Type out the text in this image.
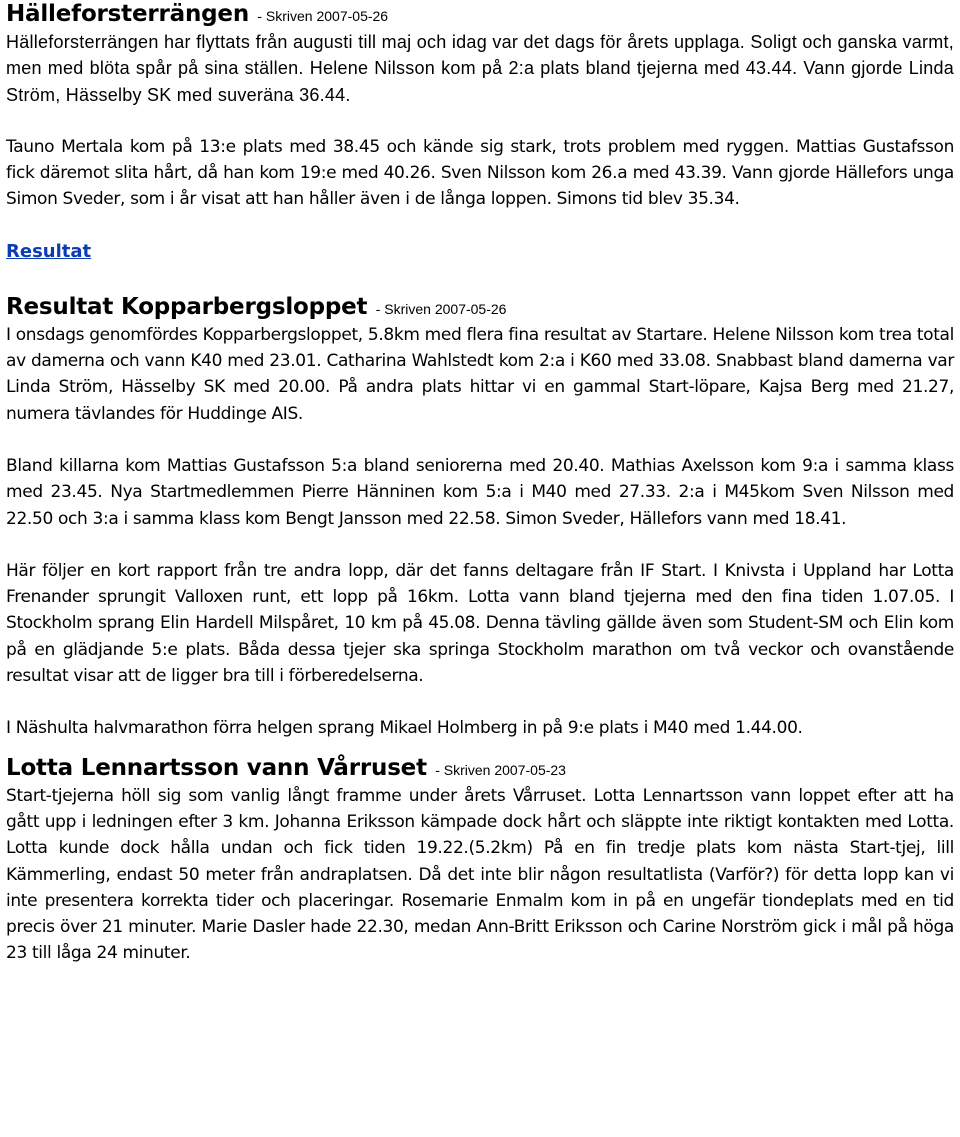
Hälleforsterrängen - Skriven 2007-05-26

Hälleforsterrängen har flyttats från augusti till maj och idag var det dags för årets upplaga. Soligt och ganska varmt, men med blöta spår på sina ställen. Helene Nilsson kom på 2:a plats bland tjejerna med 43.44. Vann gjorde Linda Ström, Hässelby SK med suveräna 36.44.

Tauno Mertala kom på 13:e plats med 38.45 och kände sig stark, trots problem med ryggen. Mattias Gustafsson fick däremot slita hårt, då han kom 19:e med 40.26. Sven Nilsson kom 26.a med 43.39. Vann gjorde Hällefors unga Simon Sveder, som i år visat att han håller även i de långa loppen. Simons tid blev 35.34.

Resultat
Resultat Kopparbergsloppet - Skriven 2007-05-26

I onsdags genomfördes Kopparbergsloppet, 5.8km med flera fina resultat av Startare. Helene Nilsson kom trea total av damerna och vann K40 med 23.01. Catharina Wahlstedt kom 2:a i K60 med 33.08. Snabbast bland damerna var Linda Ström, Hässelby SK med 20.00. På andra plats hittar vi en gammal Start-löpare, Kajsa Berg med 21.27, numera tävlandes för Huddinge AIS.

Bland killarna kom Mattias Gustafsson 5:a bland seniorerna med 20.40. Mathias Axelsson kom 9:a i samma klass med 23.45. Nya Startmedlemmen Pierre Hänninen kom 5:a i M40 med 27.33. 2:a i M45kom Sven Nilsson med 22.50 och 3:a i samma klass kom Bengt Jansson med 22.58. Simon Sveder, Hällefors vann med 18.41.

Här följer en kort rapport från tre andra lopp, där det fanns deltagare från IF Start. I Knivsta i Uppland har Lotta Frenander sprungit Valloxen runt, ett lopp på 16km. Lotta vann bland tjejerna med den fina tiden 1.07.05. I Stockholm sprang Elin Hardell Milspåret, 10 km på 45.08. Denna tävling gällde även som Student-SM och Elin kom på en glädjande 5:e plats. Båda dessa tjejer ska springa Stockholm marathon om två veckor och ovanstående resultat visar att de ligger bra till i förberedelserna.

I Näshulta halvmarathon förra helgen sprang Mikael Holmberg in på 9:e plats i M40 med 1.44.00.

Lotta Lennartsson vann Vårruset - Skriven 2007-05-23

Start-tjejerna höll sig som vanlig långt framme under årets Vårruset. Lotta Lennartsson vann loppet efter att ha gått upp i ledningen efter 3 km. Johanna Eriksson kämpade dock hårt och släppte inte riktigt kontakten med Lotta. Lotta kunde dock hålla undan och fick tiden 19.22.(5.2km) På en fin tredje plats kom nästa Start-tjej, lill Kämmerling, endast 50 meter från andraplatsen. Då det inte blir någon resultatlista (Varför?) för detta lopp kan vi inte presentera korrekta tider och placeringar. Rosemarie Enmalm kom in på en ungefär tiondeplats med en tid precis över 21 minuter. Marie Dasler hade 22.30, medan Ann-Britt Eriksson och Carine Norström gick i mål på höga 23 till låga 24 minuter.
